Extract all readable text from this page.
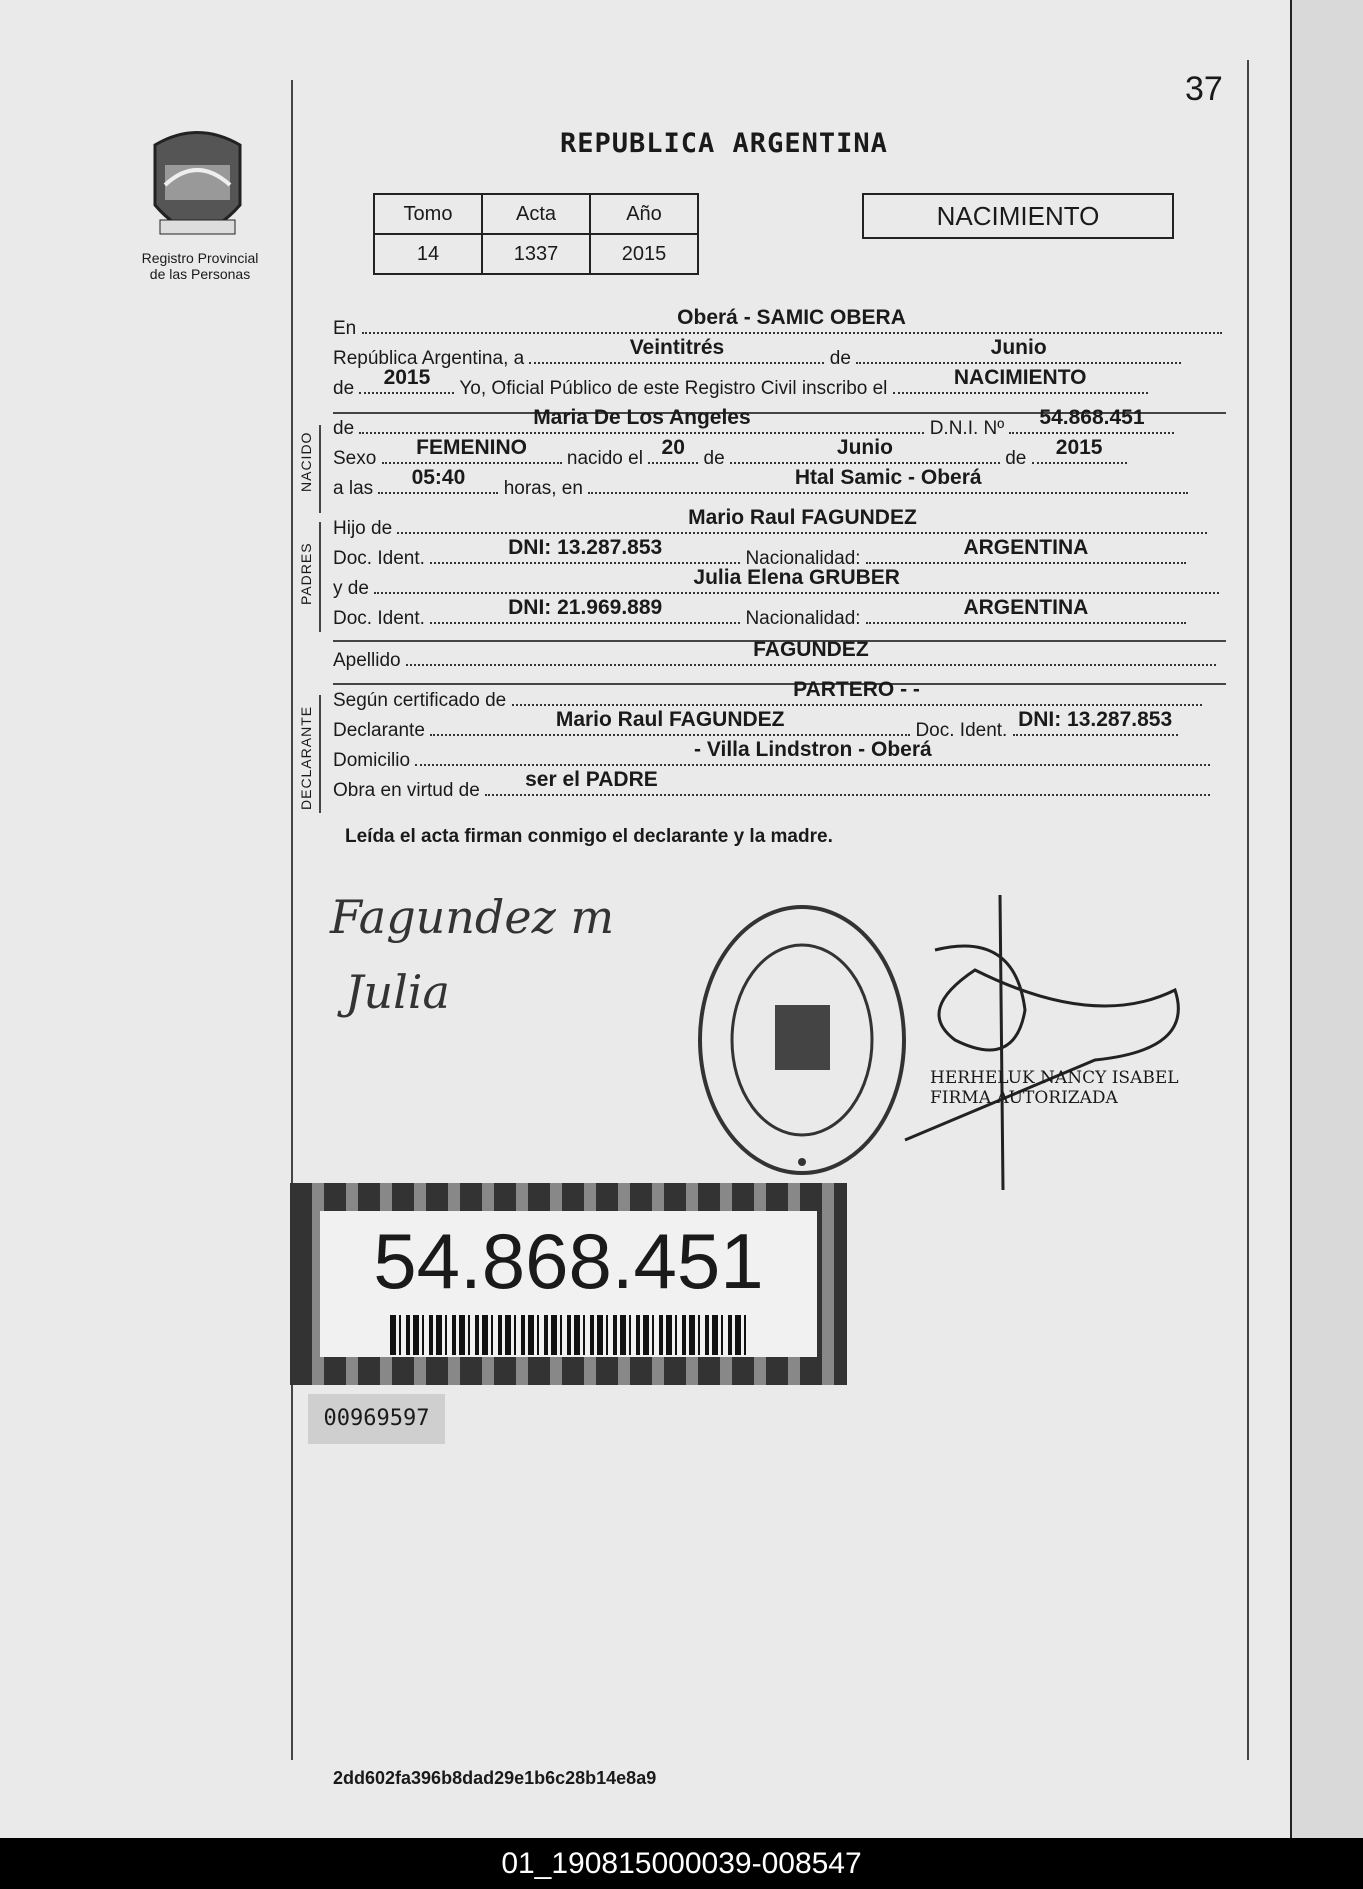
37
REPUBLICA ARGENTINA
Registro Provincial
de las Personas
Tomo	Acta	Año
14	1337	2015
NACIMIENTO
En	Oberá - SAMIC OBERA
República Argentina, a	Veintitrés	de	Junio
de	2015	Yo, Oficial Público de este Registro Civil inscribo el	NACIMIENTO
de	Maria De Los Angeles	D.N.I. Nº	54.868.451
Sexo	FEMENINO	nacido el 20 de	Junio	de	2015
a las	05:40	horas, en	Htal Samic - Oberá
NACIDO
Hijo de	Mario Raul FAGUNDEZ
Doc. Ident.	DNI: 13.287.853	Nacionalidad:	ARGENTINA
y de	Julia Elena GRUBER
Doc. Ident.	DNI: 21.969.889	Nacionalidad:	ARGENTINA
PADRES
Apellido	FAGUNDEZ
Según certificado de	PARTERO - -
Declarante	Mario Raul FAGUNDEZ	Doc. Ident. DNI: 13.287.853
Domicilio	- Villa Lindstron - Oberá
Obra en virtud de	ser el PADRE
DECLARANTE
Leída el acta firman conmigo el declarante y la madre.
Fagundez m
Julia
HERHELUK NANCY ISABEL
FIRMA AUTORIZADA
54.868.451
00969597
2dd602fa396b8dad29e1b6c28b14e8a9
01_190815000039-008547
